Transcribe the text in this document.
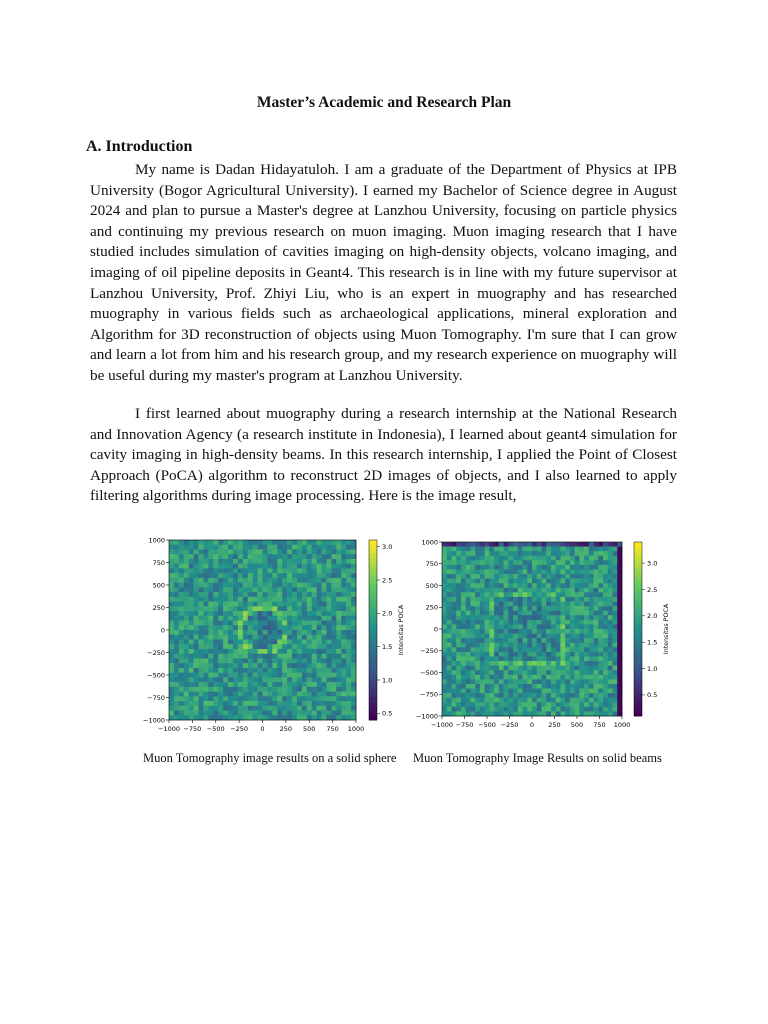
Master’s Academic and Research Plan
A. Introduction

My name is Dadan Hidayatuloh. I am a graduate of the Department of Physics at IPB University (Bogor Agricultural University). I earned my Bachelor of Science degree in August 2024 and plan to pursue a Master's degree at Lanzhou University, focusing on particle physics and continuing my previous research on muon imaging. Muon imaging research that I have studied includes simulation of cavities imaging on high-density objects, volcano imaging, and imaging of oil pipeline deposits in Geant4. This research is in line with my future supervisor at Lanzhou University, Prof. Zhiyi Liu, who is an expert in muography and has researched muography in various fields such as archaeological applications, mineral exploration and Algorithm for 3D reconstruction of objects using Muon Tomography. I'm sure that I can grow and learn a lot from him and his research group, and my research experience on muography will be useful during my master's program at Lanzhou University.

I first learned about muography during a research internship at the National Research and Innovation Agency (a research institute in Indonesia), I learned about geant4 simulation for cavity imaging in high-density beams. In this research internship, I applied the Point of Closest Approach (PoCA) algorithm to reconstruct 2D images of objects, and I also learned to apply filtering algorithms during image processing. Here is the image result,

−1000 −750 −500 −250 0 250 500 750 1000
1000
750
500
250
0
−250
−500
−750
−1000
3.0
2.5
2.0
1.5
1.0
0.5
Intensitas POCA
−1000 −750 −500 −250 0 250 500 750 1000
1000
750
500
250
0
−250
−500
−750
−1000
3.0
2.5
2.0
1.5
1.0
0.5
Intensitas POCA
Muon Tomography image results on a solid sphere Muon Tomography Image Results on solid beams
